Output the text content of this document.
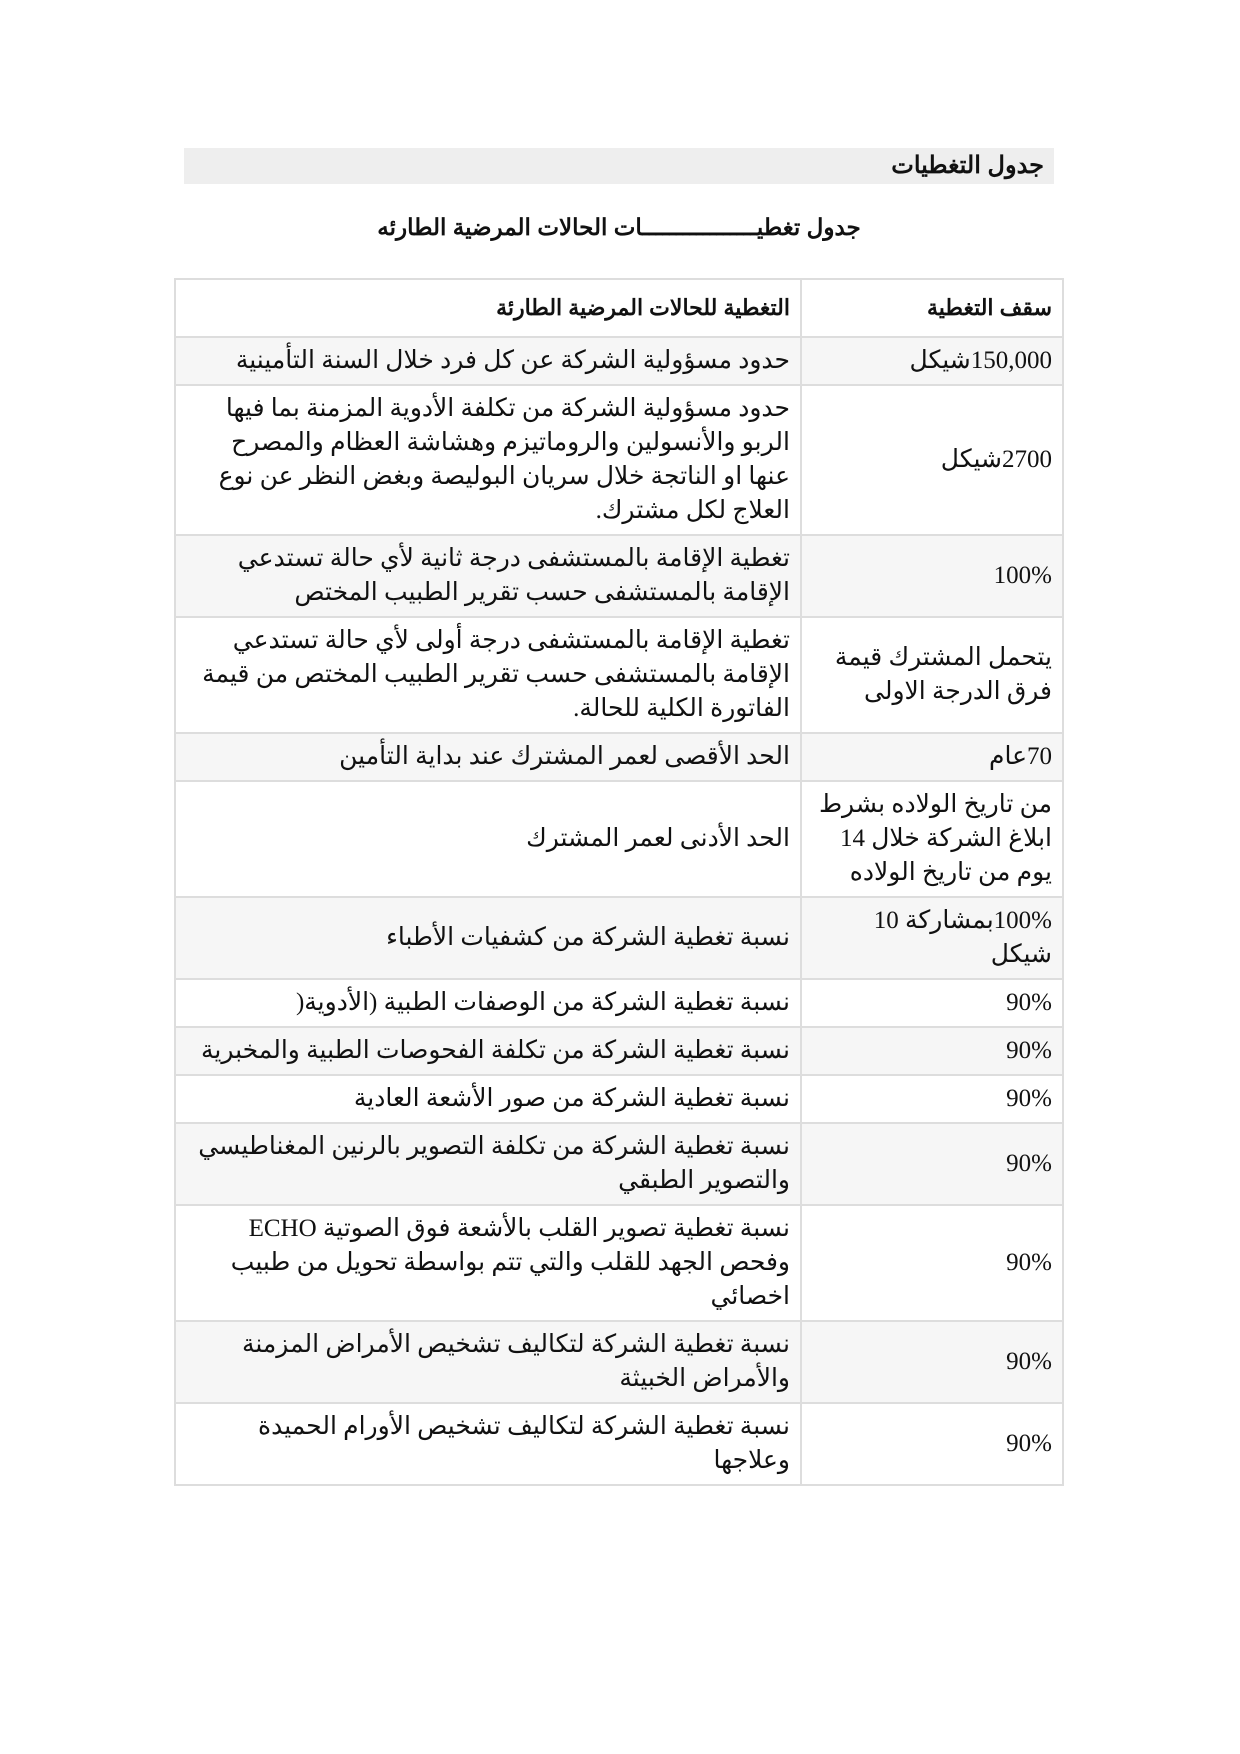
جدول التغطيات
جدول تغطيـــــــــــــــــات الحالات المرضية الطارئه
سقف التغطية	التغطية للحالات المرضية الطارئة
150,000شيكل	حدود مسؤولية الشركة عن كل فرد خلال السنة التأمينية
2700شيكل	حدود مسؤولية الشركة من تكلفة الأدوية المزمنة بما فيها الربو والأنسولين والروماتيزم وهشاشة العظام والمصرح عنها او الناتجة خلال سريان البوليصة وبغض النظر عن نوع العلاج لكل مشترك.
100%	تغطية الإقامة بالمستشفى درجة ثانية لأي حالة تستدعي الإقامة بالمستشفى حسب تقرير الطبيب المختص
يتحمل المشترك قيمة فرق الدرجة الاولى	تغطية الإقامة بالمستشفى درجة أولى لأي حالة تستدعي الإقامة بالمستشفى حسب تقرير الطبيب المختص من قيمة الفاتورة الكلية للحالة.
70عام	الحد الأقصى لعمر المشترك عند بداية التأمين
من تاريخ الولاده بشرط ابلاغ الشركة خلال 14 يوم من تاريخ الولاده	الحد الأدنى لعمر المشترك
100%بمشاركة 10 شيكل	نسبة تغطية الشركة من كشفيات الأطباء
90%	نسبة تغطية الشركة من الوصفات الطبية (الأدوية(
90%	نسبة تغطية الشركة من تكلفة الفحوصات الطبية والمخبرية
90%	نسبة تغطية الشركة من صور الأشعة العادية
90%	نسبة تغطية الشركة من تكلفة التصوير بالرنين المغناطيسي والتصوير الطبقي
90%	نسبة تغطية تصوير القلب بالأشعة فوق الصوتية ECHO وفحص الجهد للقلب والتي تتم بواسطة تحويل من طبيب اخصائي
90%	نسبة تغطية الشركة لتكاليف تشخيص الأمراض المزمنة والأمراض الخبيثة
90%	نسبة تغطية الشركة لتكاليف تشخيص الأورام الحميدة وعلاجها
